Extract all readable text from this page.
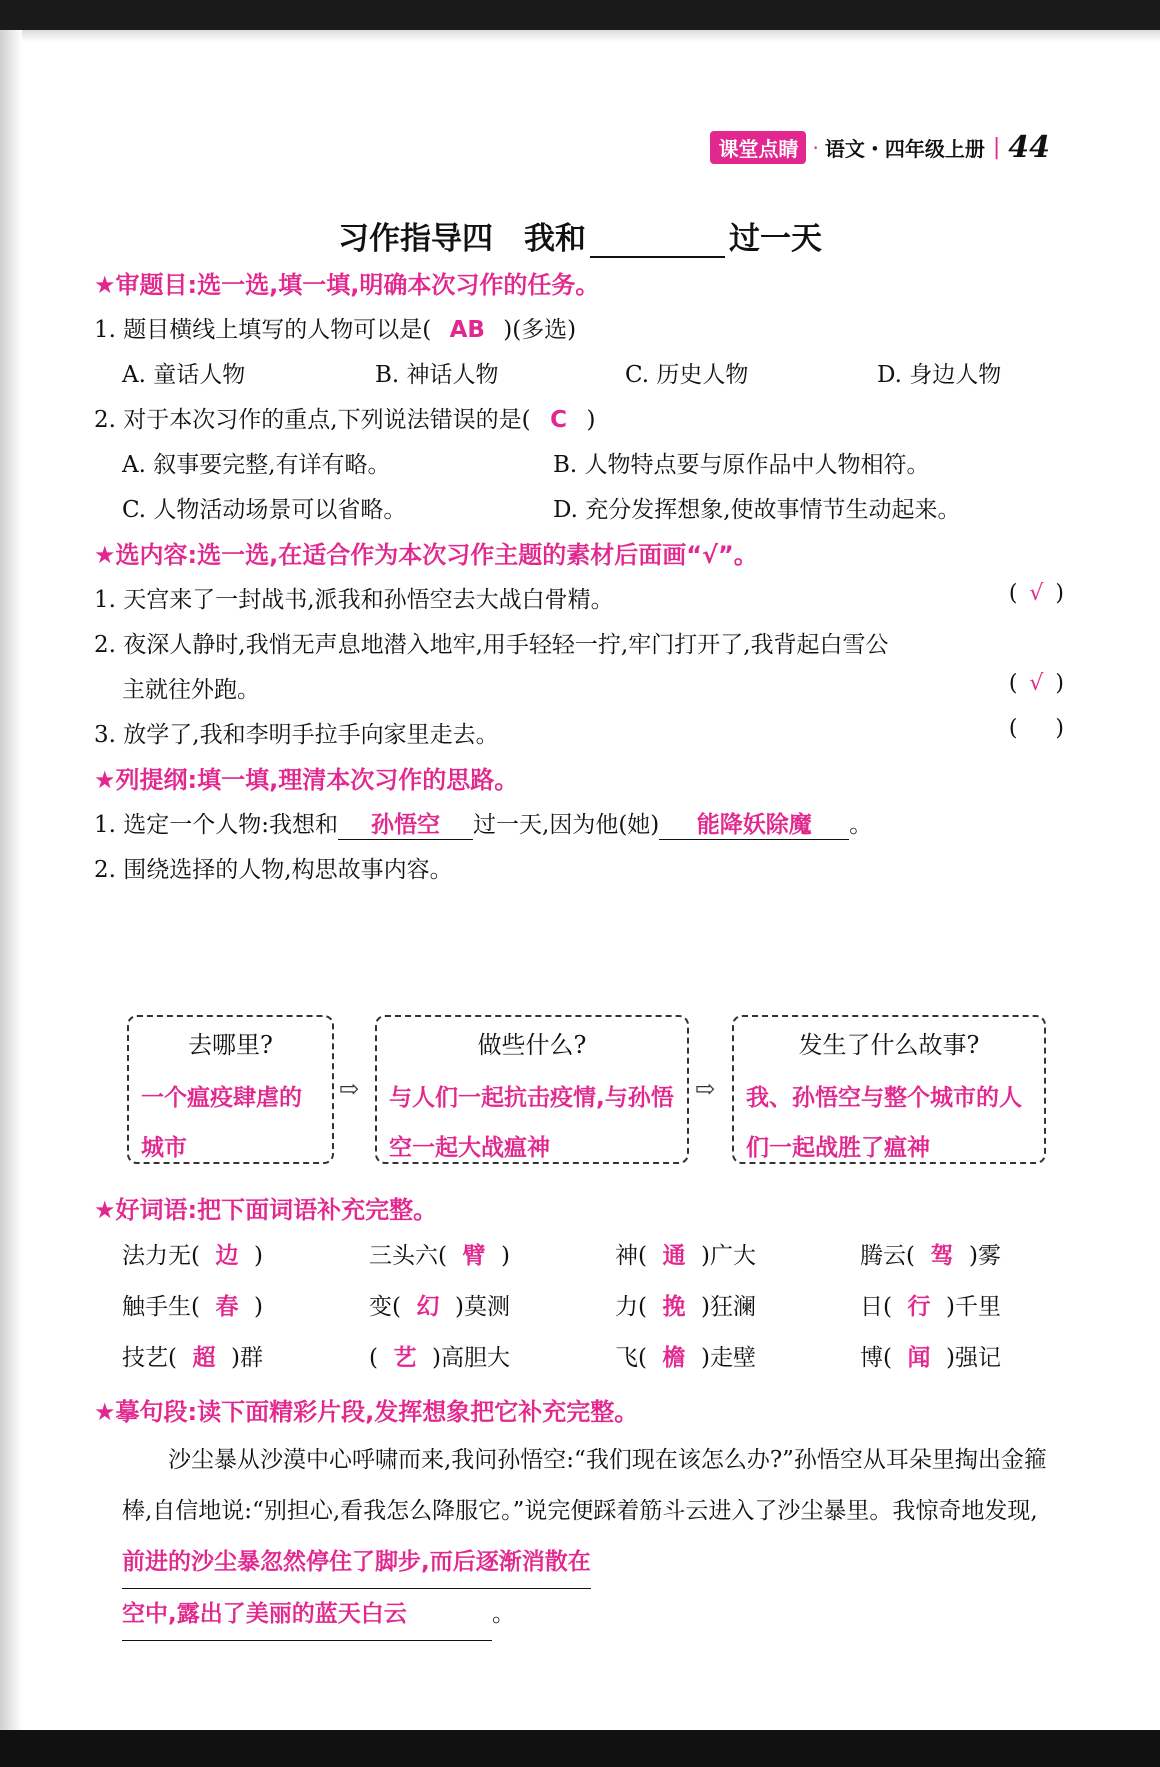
课堂点睛 · 语文・四年级上册 | 44
习作指导四　我和	过一天
★审题目:选一选,填一填,明确本次习作的任务。
1. 题目横线上填写的人物可以是( AB )(多选)
A. 童话人物	B. 神话人物	C. 历史人物	D. 身边人物
2. 对于本次习作的重点,下列说法错误的是( C )
A. 叙事要完整,有详有略。	B. 人物特点要与原作品中人物相符。
C. 人物活动场景可以省略。	D. 充分发挥想象,使故事情节生动起来。
★选内容:选一选,在适合作为本次习作主题的素材后面画“√”。
1. 天宫来了一封战书,派我和孙悟空去大战白骨精。	( √ )
2. 夜深人静时,我悄无声息地潜入地牢,用手轻轻一拧,牢门打开了,我背起白雪公
主就往外跑。	( √ )
3. 放学了,我和李明手拉手向家里走去。	( )
★列提纲:填一填,理清本次习作的思路。
1. 选定一个人物:我想和 孙悟空 过一天,因为他(她) 能降妖除魔 。
2. 围绕选择的人物,构思故事内容。
去哪里?
一个瘟疫肆虐的城市
⇨
做些什么?
与人们一起抗击疫情,与孙悟空一起大战瘟神
⇨
发生了什么故事?
我、孙悟空与整个城市的人们一起战胜了瘟神
★好词语:把下面词语补充完整。
法力无( 边 )	三头六( 臂 )	神( 通 )广大	腾云( 驾 )雾
触手生( 春 )	变( 幻 )莫测	力( 挽 )狂澜	日( 行 )千里
技艺( 超 )群	( 艺 )高胆大	飞( 檐 )走壁	博( 闻 )强记
★摹句段:读下面精彩片段,发挥想象把它补充完整。
　　沙尘暴从沙漠中心呼啸而来,我问孙悟空:“我们现在该怎么办?”孙悟空从耳朵里掏出金箍棒,自信地说:“别担心,看我怎么降服它。”说完便踩着筋斗云进入了沙尘暴里。我惊奇地发现,前进的沙尘暴忽然停住了脚步,而后逐渐消散在
空中,露出了美丽的蓝天白云	。
